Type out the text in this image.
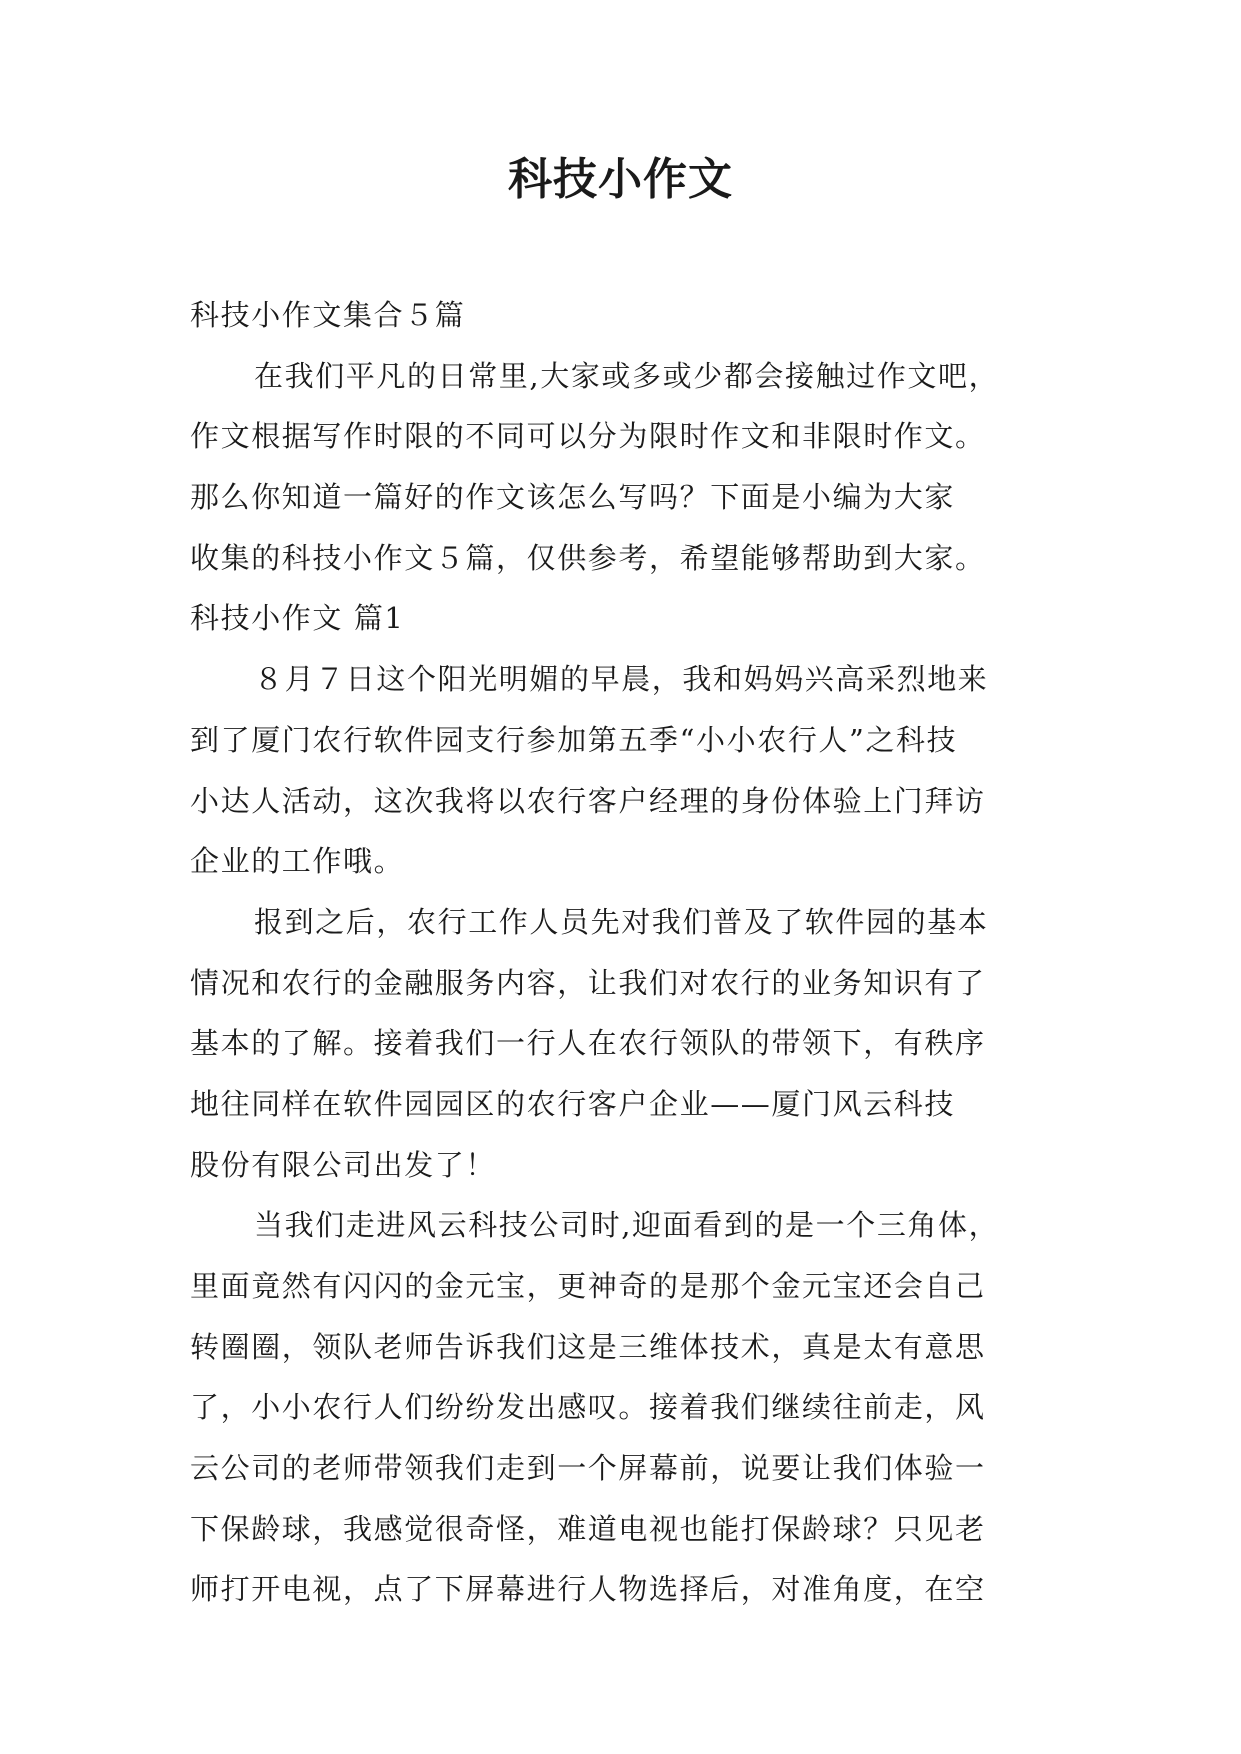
科技小作文

科技小作文集合５篇

在我们平凡的日常里,大家或多或少都会接触过作文吧，

作文根据写作时限的不同可以分为限时作文和非限时作文。

那么你知道一篇好的作文该怎么写吗？下面是小编为大家

收集的科技小作文５篇，仅供参考，希望能够帮助到大家。

科技小作文 篇1

８月７日这个阳光明媚的早晨，我和妈妈兴高采烈地来

到了厦门农行软件园支行参加第五季“小小农行人”之科技

小达人活动，这次我将以农行客户经理的身份体验上门拜访

企业的工作哦。

报到之后，农行工作人员先对我们普及了软件园的基本

情况和农行的金融服务内容，让我们对农行的业务知识有了

基本的了解。接着我们一行人在农行领队的带领下，有秩序

地往同样在软件园园区的农行客户企业——厦门风云科技

股份有限公司出发了！

当我们走进风云科技公司时,迎面看到的是一个三角体，

里面竟然有闪闪的金元宝，更神奇的是那个金元宝还会自己

转圈圈，领队老师告诉我们这是三维体技术，真是太有意思

了，小小农行人们纷纷发出感叹。接着我们继续往前走，风

云公司的老师带领我们走到一个屏幕前，说要让我们体验一

下保龄球，我感觉很奇怪，难道电视也能打保龄球？只见老

师打开电视，点了下屏幕进行人物选择后，对准角度，在空
